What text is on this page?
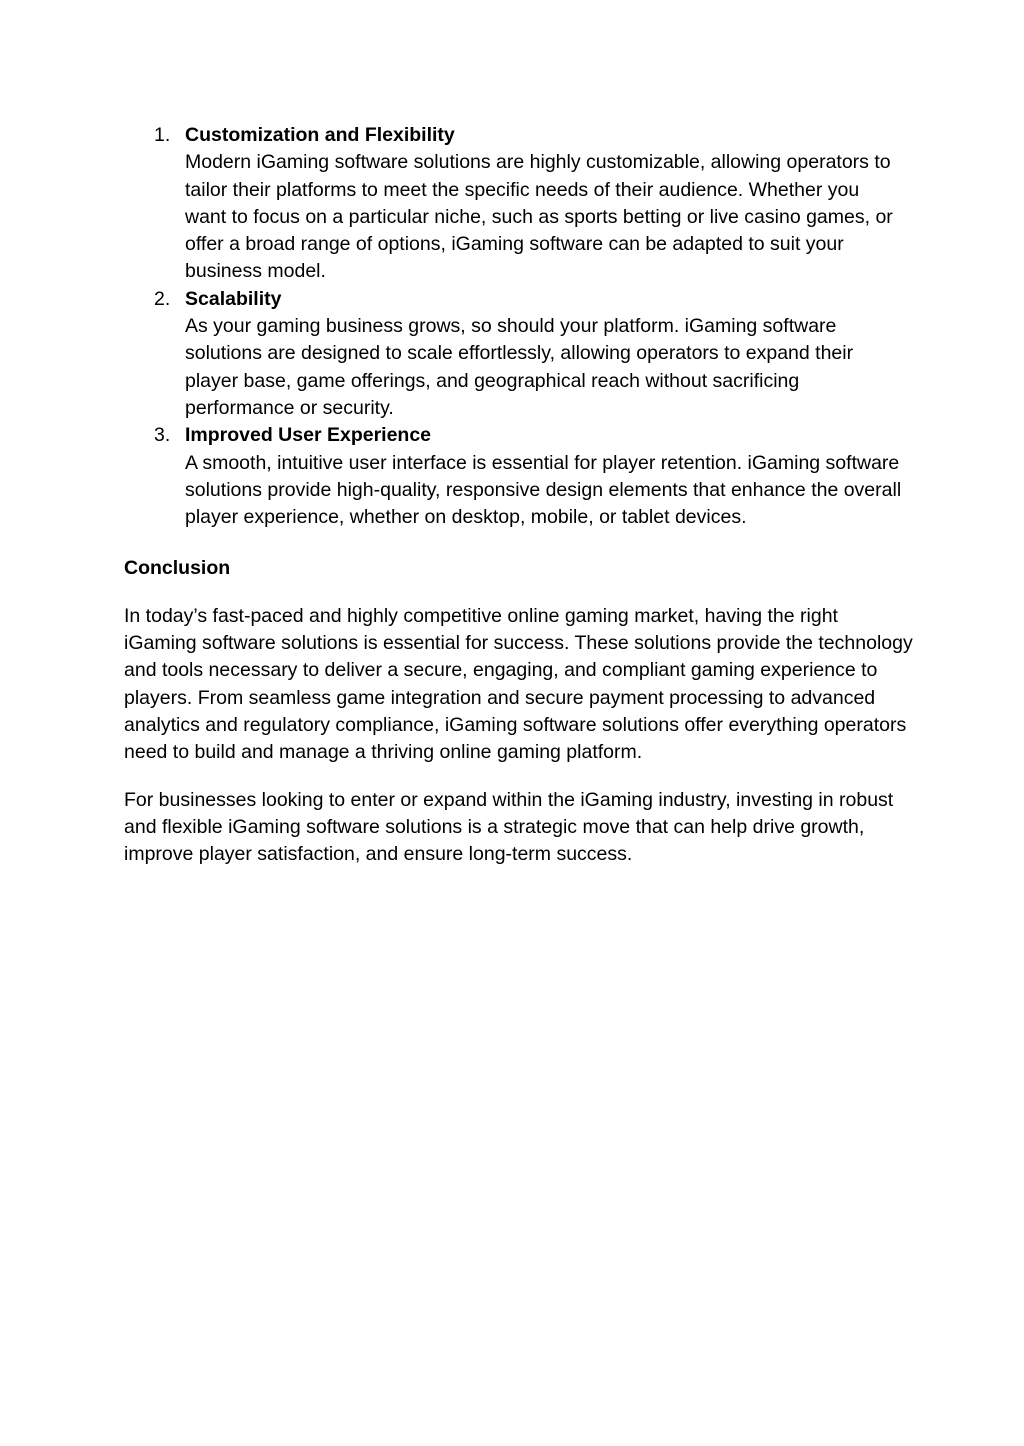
1. Customization and Flexibility
Modern iGaming software solutions are highly customizable, allowing operators to tailor their platforms to meet the specific needs of their audience. Whether you want to focus on a particular niche, such as sports betting or live casino games, or offer a broad range of options, iGaming software can be adapted to suit your business model.
2. Scalability
As your gaming business grows, so should your platform. iGaming software solutions are designed to scale effortlessly, allowing operators to expand their player base, game offerings, and geographical reach without sacrificing performance or security.
3. Improved User Experience
A smooth, intuitive user interface is essential for player retention. iGaming software solutions provide high-quality, responsive design elements that enhance the overall player experience, whether on desktop, mobile, or tablet devices.
Conclusion

In today’s fast-paced and highly competitive online gaming market, having the right iGaming software solutions is essential for success. These solutions provide the technology and tools necessary to deliver a secure, engaging, and compliant gaming experience to players. From seamless game integration and secure payment processing to advanced analytics and regulatory compliance, iGaming software solutions offer everything operators need to build and manage a thriving online gaming platform.

For businesses looking to enter or expand within the iGaming industry, investing in robust and flexible iGaming software solutions is a strategic move that can help drive growth, improve player satisfaction, and ensure long-term success.
